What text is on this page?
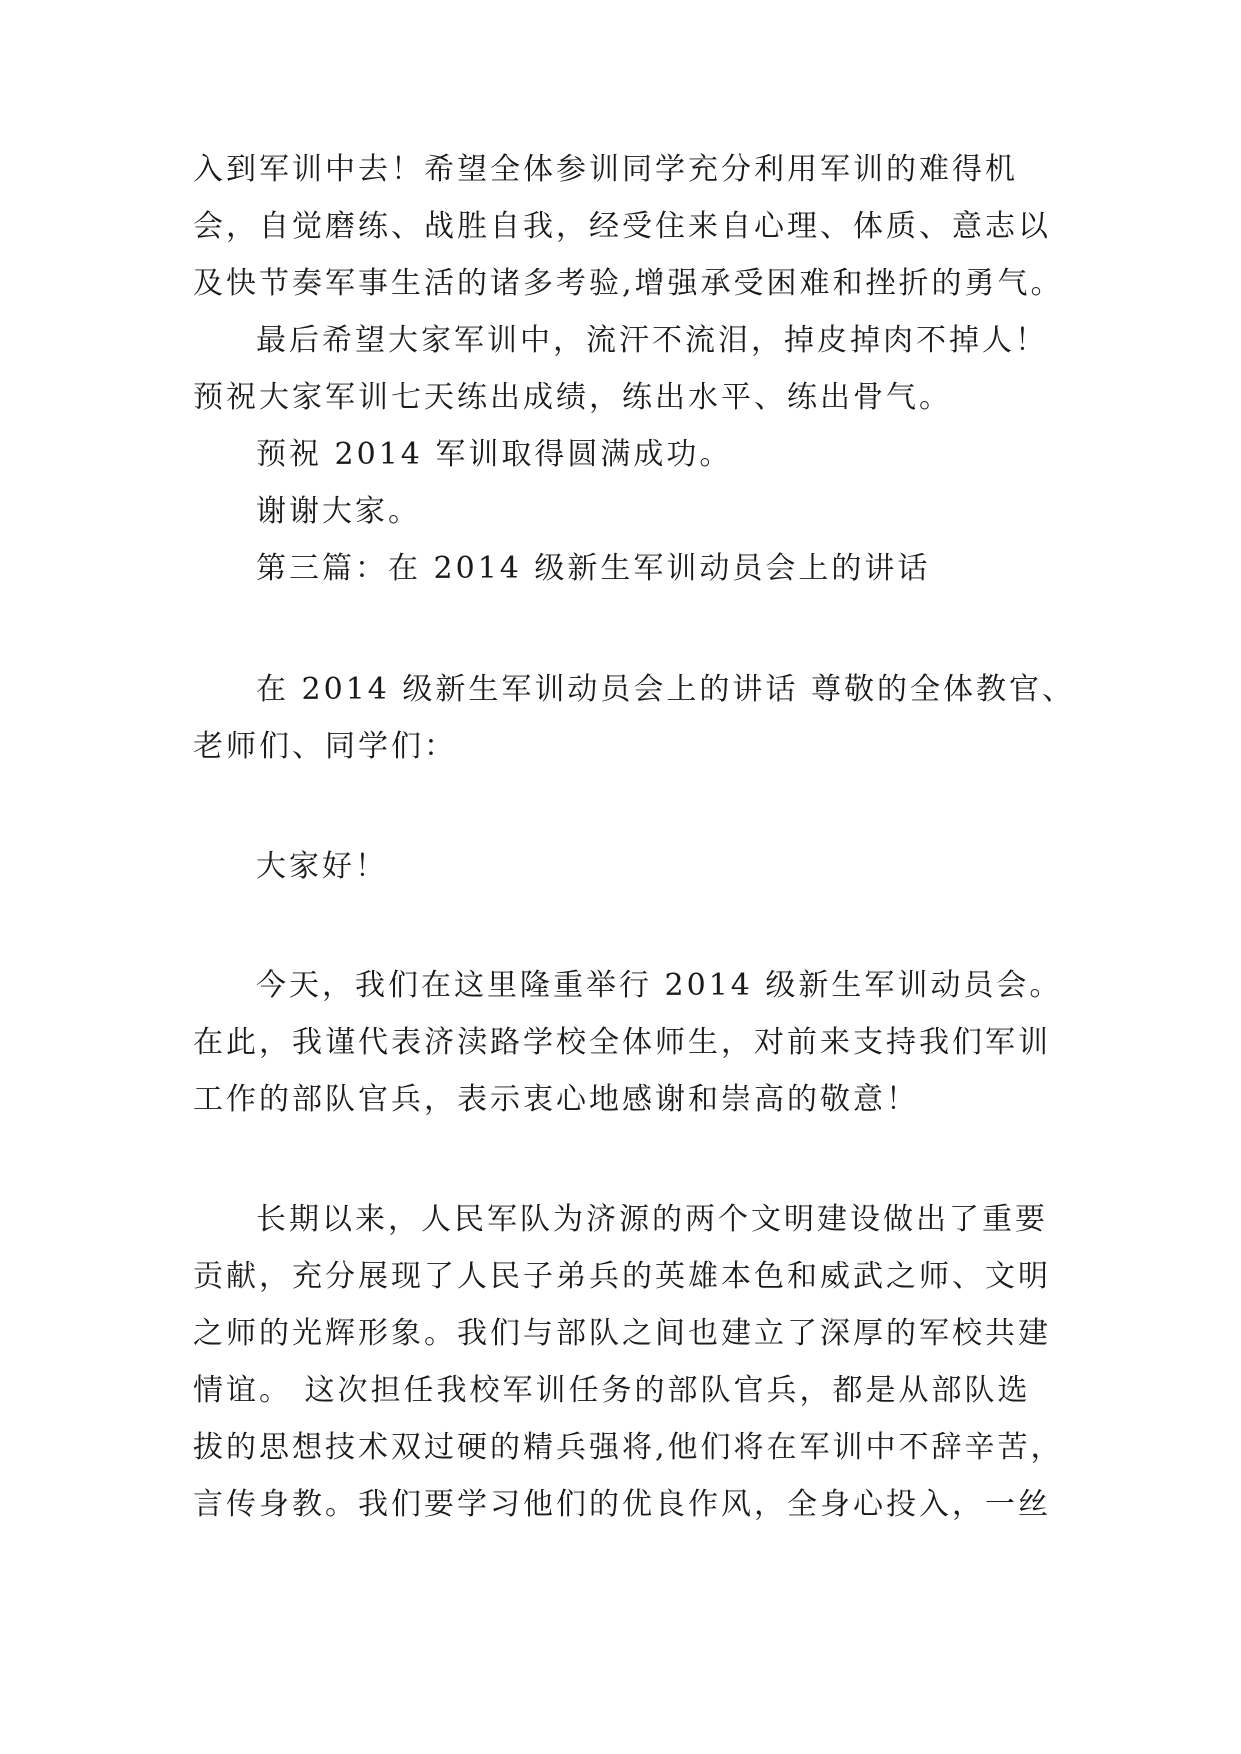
入到军训中去！希望全体参训同学充分利用军训的难得机
会，自觉磨练、战胜自我，经受住来自心理、体质、意志以
及快节奏军事生活的诸多考验,增强承受困难和挫折的勇气。
最后希望大家军训中，流汗不流泪，掉皮掉肉不掉人！
预祝大家军训七天练出成绩，练出水平、练出骨气。
预祝 2014 军训取得圆满成功。
谢谢大家。
第三篇：在 2014 级新生军训动员会上的讲话
在 2014 级新生军训动员会上的讲话 尊敬的全体教官、
老师们、同学们：
大家好！
今天，我们在这里隆重举行 2014 级新生军训动员会。
在此，我谨代表济渎路学校全体师生，对前来支持我们军训
工作的部队官兵，表示衷心地感谢和崇高的敬意！
长期以来，人民军队为济源的两个文明建设做出了重要
贡献，充分展现了人民子弟兵的英雄本色和威武之师、文明
之师的光辉形象。我们与部队之间也建立了深厚的军校共建
情谊。 这次担任我校军训任务的部队官兵，都是从部队选
拔的思想技术双过硬的精兵强将,他们将在军训中不辞辛苦，
言传身教。我们要学习他们的优良作风，全身心投入，一丝
